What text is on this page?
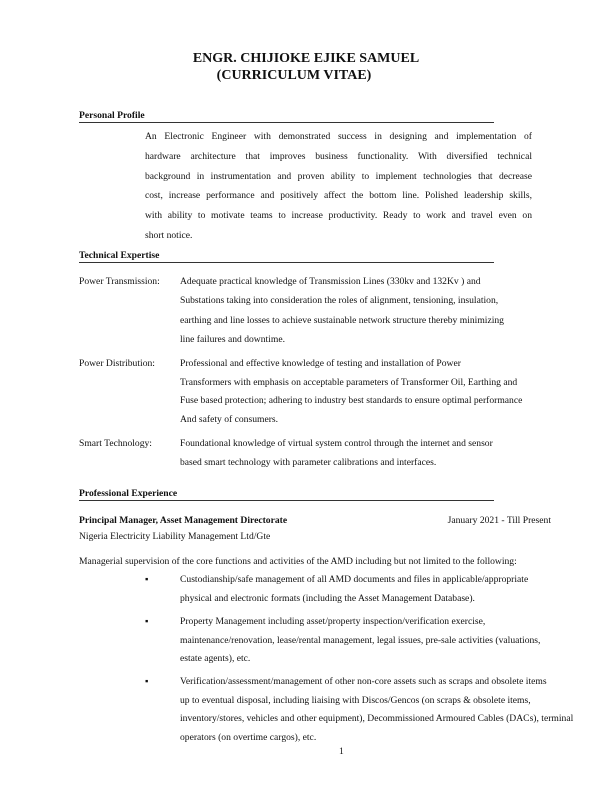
ENGR. CHIJIOKE EJIKE SAMUEL
(CURRICULUM VITAE)
Personal Profile
An Electronic Engineer with demonstrated success in designing and implementation of
hardware architecture that improves business functionality. With diversified technical
background in instrumentation and proven ability to implement technologies that decrease
cost, increase performance and positively affect the bottom line. Polished leadership skills,
with ability to motivate teams to increase productivity. Ready to work and travel even on
short notice.
Technical Expertise
Power Transmission: Adequate practical knowledge of Transmission Lines (330kv and 132Kv ) and
Substations taking into consideration the roles of alignment, tensioning, insulation,
earthing and line losses to achieve sustainable network structure thereby minimizing
line failures and downtime.
Power Distribution:	Professional and effective knowledge of testing and installation of Power
Transformers with emphasis on acceptable parameters of Transformer Oil, Earthing and
Fuse based protection; adhering to industry best standards to ensure optimal performance
And safety of consumers.
Smart Technology:	Foundational knowledge of virtual system control through the internet and sensor
based smart technology with parameter calibrations and interfaces.
Professional Experience
Principal Manager, Asset Management Directorate	January 2021 - Till Present
Nigeria Electricity Liability Management Ltd/Gte
Managerial supervision of the core functions and activities of the AMD including but not limited to the following:
▪	Custodianship/safe management of all AMD documents and files in applicable/appropriate
physical and electronic formats (including the Asset Management Database).
▪	Property Management including asset/property inspection/verification exercise,
maintenance/renovation, lease/rental management, legal issues, pre-sale activities (valuations,
estate agents), etc.
▪	Verification/assessment/management of other non-core assets such as scraps and obsolete items
up to eventual disposal, including liaising with Discos/Gencos (on scraps & obsolete items,
inventory/stores, vehicles and other equipment), Decommissioned Armoured Cables (DACs), terminal
operators (on overtime cargos), etc.
1
